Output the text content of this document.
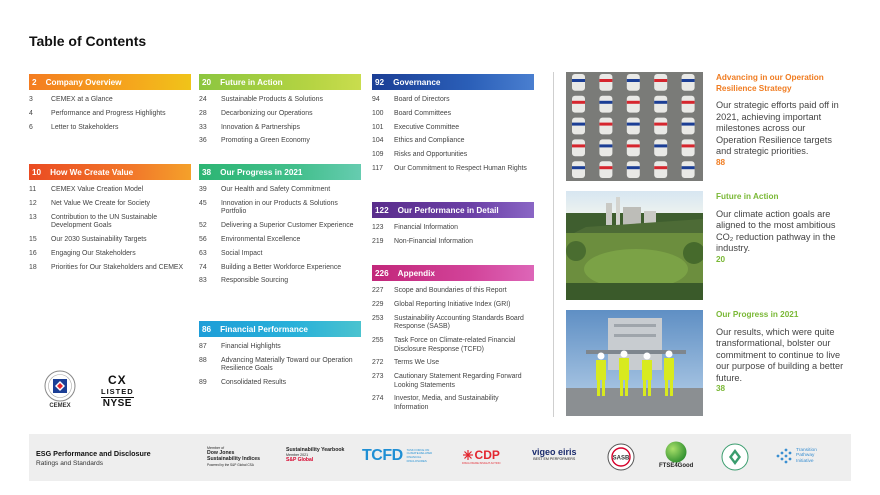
Table of Contents
2 Company Overview
3	CEMEX at a Glance
4	Performance and Progress Highlights
6	Letter to Stakeholders
10 How We Create Value
11	CEMEX Value Creation Model
12	Net Value We Create for Society
13	Contribution to the UN Sustainable Development Goals
15	Our 2030 Sustainability Targets
16	Engaging Our Stakeholders
18	Priorities for Our Stakeholders and CEMEX
20 Future in Action
24	Sustainable Products & Solutions
28	Decarbonizing our Operations
33	Innovation & Partnerships
36	Promoting a Green Economy
38 Our Progress in 2021
39	Our Health and Safety Commitment
45	Innovation in our Products & Solutions Portfolio
52	Delivering a Superior Customer Experience
56	Environmental Excellence
63	Social Impact
74	Building a Better Workforce Experience
83	Responsible Sourcing
86 Financial Performance
87	Financial Highlights
88	Advancing Materially Toward our Operation Resilience Goals
89	Consolidated Results
92 Governance
94	Board of Directors
100	Board Committees
101	Executive Committee
104	Ethics and Compliance
109	Risks and Opportunities
117	Our Commitment to Respect Human Rights
122 Our Performance in Detail
123	Financial Information
219	Non-Financial Information
226 Appendix
227	Scope and Boundaries of this Report
229	Global Reporting Initiative Index (GRI)
253	Sustainability Accounting Standards Board Response (SASB)
255	Task Force on Climate-related Financial Disclosure Response (TCFD)
272	Terms We Use
273	Cautionary Statement Regarding Forward Looking Statements
274	Investor, Media, and Sustainability Information
Advancing in our Operation Resilience Strategy
Our strategic efforts paid off in 2021, achieving important milestones across our Operation Resilience targets and strategic priorities.
88
Future in Action
Our climate action goals are aligned to the most ambitious CO₂ reduction pathway in the industry.
20
Our Progress in 2021
Our results, which were quite transformational, bolster our commitment to continue to live our purpose of building a better future.
38
CEMEX
CX
LISTED
NYSE
ESG Performance and Disclosure
Ratings and Standards
Member of
Dow Jones
Sustainability Indices
Powered by the S&P Global CSA
Sustainability Yearbook
Member 2021
S&P Global	TCFD TASK FORCE ON CLIMATE-RELATED FINANCIAL DISCLOSURES	CDP
DISCLOSURE INSIGHT ACTION
vigeo eiris
BEST EM PERFORMERS	SASB
FTSE4Good
Transition
Pathway
Initiative
